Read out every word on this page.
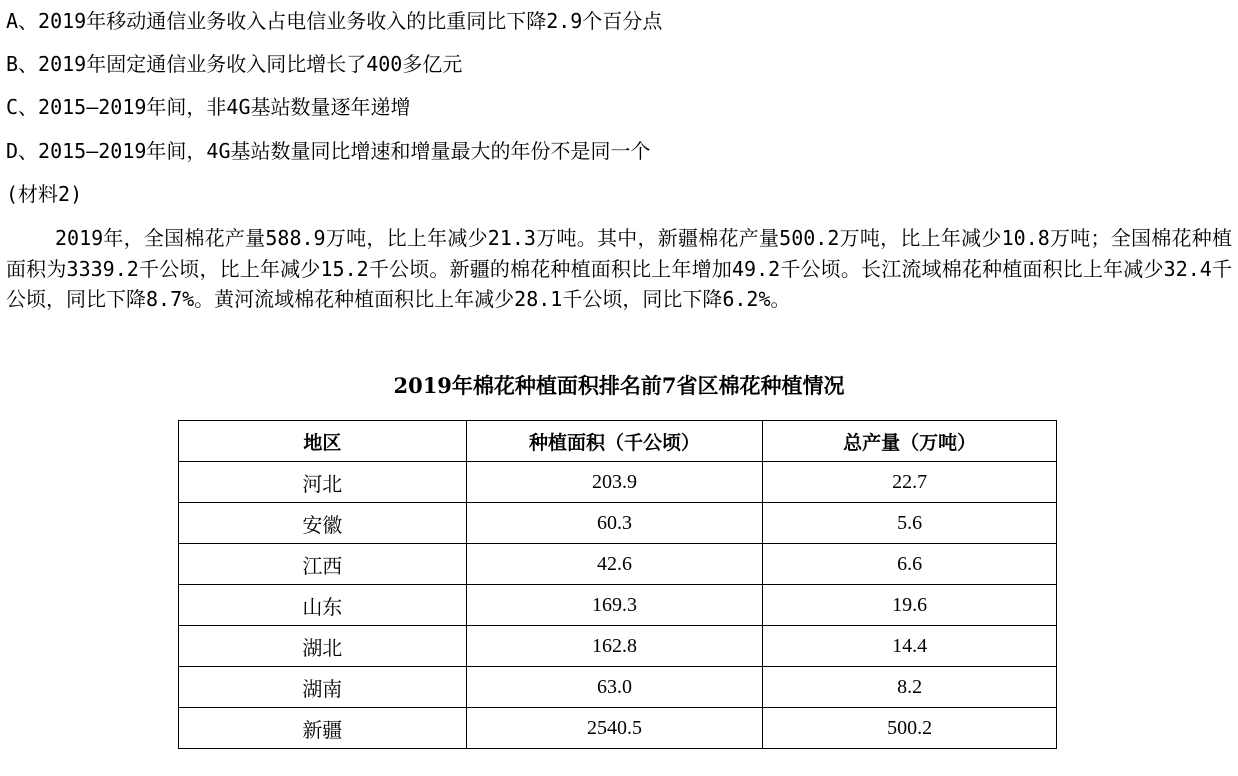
A、2019年移动通信业务收入占电信业务收入的比重同比下降2.9个百分点
B、2019年固定通信业务收入同比增长了400多亿元
C、2015—2019年间，非4G基站数量逐年递增
D、2015—2019年间，4G基站数量同比增速和增量最大的年份不是同一个
(材料2)
2019年，全国棉花产量588.9万吨，比上年减少21.3万吨。其中，新疆棉花产量500.2万吨，比上年减少10.8万吨；全国棉花种植面积为3339.2千公顷，比上年减少15.2千公顷。新疆的棉花种植面积比上年增加49.2千公顷。长江流域棉花种植面积比上年减少32.4千公顷，同比下降8.7%。黄河流域棉花种植面积比上年减少28.1千公顷，同比下降6.2%。
2019年棉花种植面积排名前7省区棉花种植情况
地区	种植面积（千公顷）	总产量（万吨）
河北	203.9	22.7
安徽	60.3	5.6
江西	42.6	6.6
山东	169.3	19.6
湖北	162.8	14.4
湖南	63.0	8.2
新疆	2540.5	500.2
